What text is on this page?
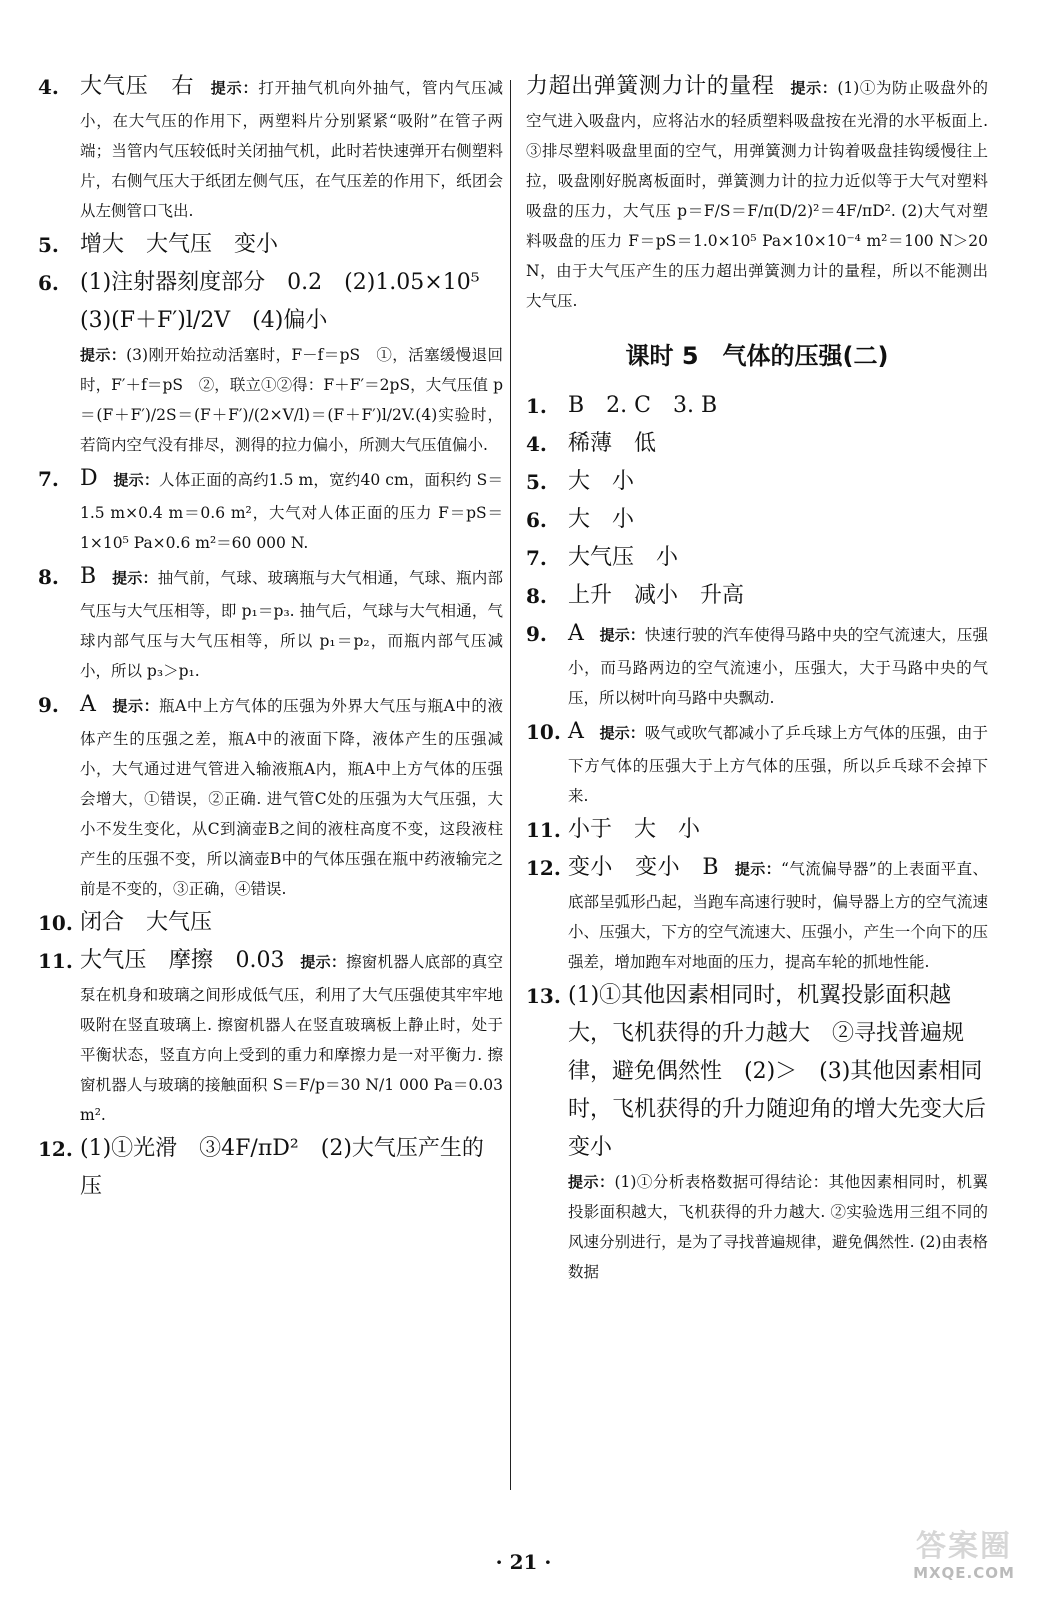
4. 大气压　右　 提示：打开抽气机向外抽气，管内气压减小，在大气压的作用下，两塑料片分别紧紧“吸附”在管子两端；当管内气压较低时关闭抽气机，此时若快速弹开右侧塑料片，右侧气压大于纸团左侧气压，在气压差的作用下，纸团会从左侧管口飞出.
5. 增大　大气压　变小
6. (1)注射器刻度部分　0.2　(2)1.05×10⁵
(3)(F＋F′)l/2V　(4)偏小
提示：(3)刚开始拉动活塞时，F－f＝pS　①，活塞缓慢退回时，F′＋f＝pS　②，联立①②得：F＋F′＝2pS，大气压值 p＝(F＋F′)/2S＝(F＋F′)/(2×V/l)＝(F＋F′)l/2V.(4)实验时，若筒内空气没有排尽，测得的拉力偏小，所测大气压值偏小.
7. D　 提示：人体正面的高约1.5 m，宽约40 cm，面积约 S＝1.5 m×0.4 m＝0.6 m²，大气对人体正面的压力 F＝pS＝1×10⁵ Pa×0.6 m²＝60 000 N.
8. B　 提示：抽气前，气球、玻璃瓶与大气相通，气球、瓶内部气压与大气压相等，即 p₁＝p₃. 抽气后，气球与大气相通，气球内部气压与大气压相等，所以 p₁＝p₂，而瓶内部气压减小，所以 p₃＞p₁.
9. A　 提示：瓶A中上方气体的压强为外界大气压与瓶A中的液体产生的压强之差，瓶A中的液面下降，液体产生的压强减小，大气通过进气管进入输液瓶A内，瓶A中上方气体的压强会增大，①错误，②正确. 进气管C处的压强为大气压强，大小不发生变化，从C到滴壶B之间的液柱高度不变，这段液柱产生的压强不变，所以滴壶B中的气体压强在瓶中药液输完之前是不变的，③正确，④错误.
10. 闭合　大气压
11. 大气压　摩擦　0.03　 提示：擦窗机器人底部的真空泵在机身和玻璃之间形成低气压，利用了大气压强使其牢牢地吸附在竖直玻璃上. 擦窗机器人在竖直玻璃板上静止时，处于平衡状态，竖直方向上受到的重力和摩擦力是一对平衡力. 擦窗机器人与玻璃的接触面积 S＝F/p＝30 N/1 000 Pa＝0.03 m².
12. (1)①光滑　③4F/πD²　(2)大气压产生的压
力超出弹簧测力计的量程　 提示：(1)①为防止吸盘外的空气进入吸盘内，应将沾水的轻质塑料吸盘按在光滑的水平板面上. ③排尽塑料吸盘里面的空气，用弹簧测力计钩着吸盘挂钩缓慢往上拉，吸盘刚好脱离板面时，弹簧测力计的拉力近似等于大气对塑料吸盘的压力，大气压 p＝F/S＝F/π(D/2)²＝4F/πD². (2)大气对塑料吸盘的压力 F＝pS＝1.0×10⁵ Pa×10×10⁻⁴ m²＝100 N＞20 N，由于大气压产生的压力超出弹簧测力计的量程，所以不能测出大气压.
课时 5　气体的压强(二)
1. B　2. C　3. B
4. 稀薄　低
5. 大　小
6. 大　小
7. 大气压　小
8. 上升　减小　升高
9. A　 提示：快速行驶的汽车使得马路中央的空气流速大，压强小，而马路两边的空气流速小，压强大，大于马路中央的气压，所以树叶向马路中央飘动.
10. A　 提示：吸气或吹气都减小了乒乓球上方气体的压强，由于下方气体的压强大于上方气体的压强，所以乒乓球不会掉下来.
11. 小于　大　小
12. 变小　变小　B　 提示：“气流偏导器”的上表面平直、底部呈弧形凸起，当跑车高速行驶时，偏导器上方的空气流速小、压强大，下方的空气流速大、压强小，产生一个向下的压强差，增加跑车对地面的压力，提高车轮的抓地性能.
13. (1)①其他因素相同时，机翼投影面积越大，飞机获得的升力越大　②寻找普遍规律，避免偶然性　(2)＞　(3)其他因素相同时，飞机获得的升力随迎角的增大先变大后变小
提示：(1)①分析表格数据可得结论：其他因素相同时，机翼投影面积越大，飞机获得的升力越大. ②实验选用三组不同的风速分别进行，是为了寻找普遍规律，避免偶然性. (2)由表格数据
· 21 ·	答案圈
MXQE.COM
